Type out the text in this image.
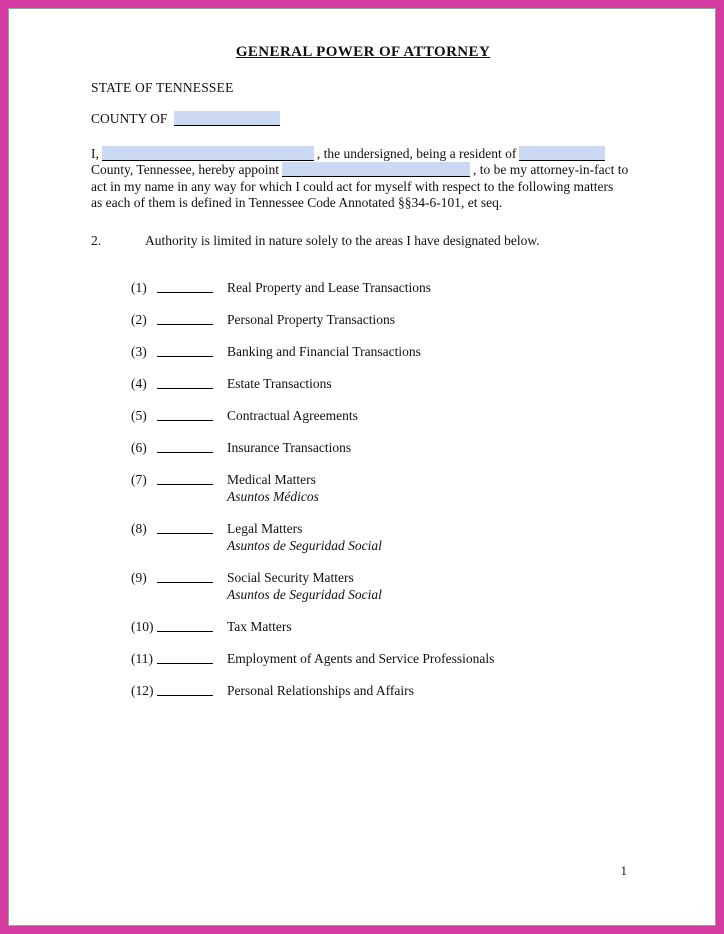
GENERAL POWER OF ATTORNEY
STATE OF TENNESSEE
COUNTY OF
I,	, the undersigned, being a resident of
County, Tennessee, hereby appoint	, to be my attorney-in-fact to
act in my name in any way for which I could act for myself with respect to the following matters
as each of them is defined in Tennessee Code Annotated §§34-6-101, et seq.
2.	Authority is limited in nature solely to the areas I have designated below.
(1)	Real Property and Lease Transactions
(2)	Personal Property Transactions
(3)	Banking and Financial Transactions
(4)	Estate Transactions
(5)	Contractual Agreements
(6)	Insurance Transactions
(7)	Medical Matters
Asuntos Médicos
(8)	Legal Matters
Asuntos de Seguridad Social
(9)	Social Security Matters
Asuntos de Seguridad Social
(10)	Tax Matters
(11)	Employment of Agents and Service Professionals
(12)	Personal Relationships and Affairs
1
